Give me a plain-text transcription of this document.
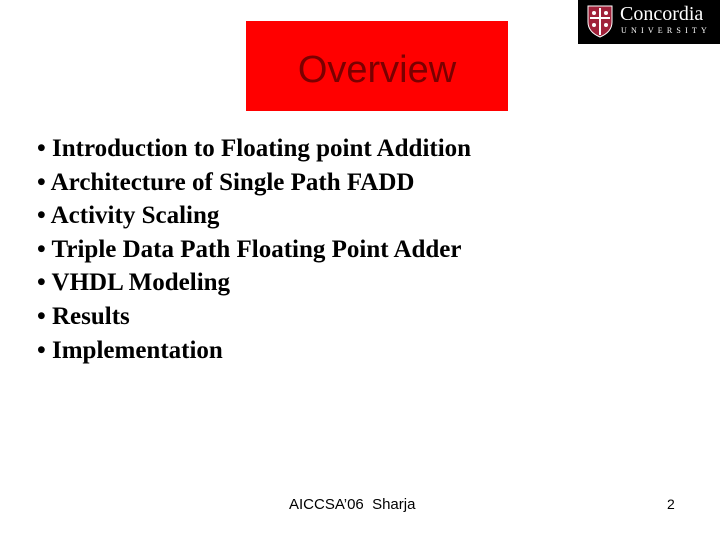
Overview
Concordia
UNIVERSITY
• Introduction to Floating point Addition
• Architecture of Single Path FADD
• Activity Scaling
• Triple Data Path Floating Point Adder
• VHDL Modeling
• Results
• Implementation
AICCSA’06  Sharja	2
